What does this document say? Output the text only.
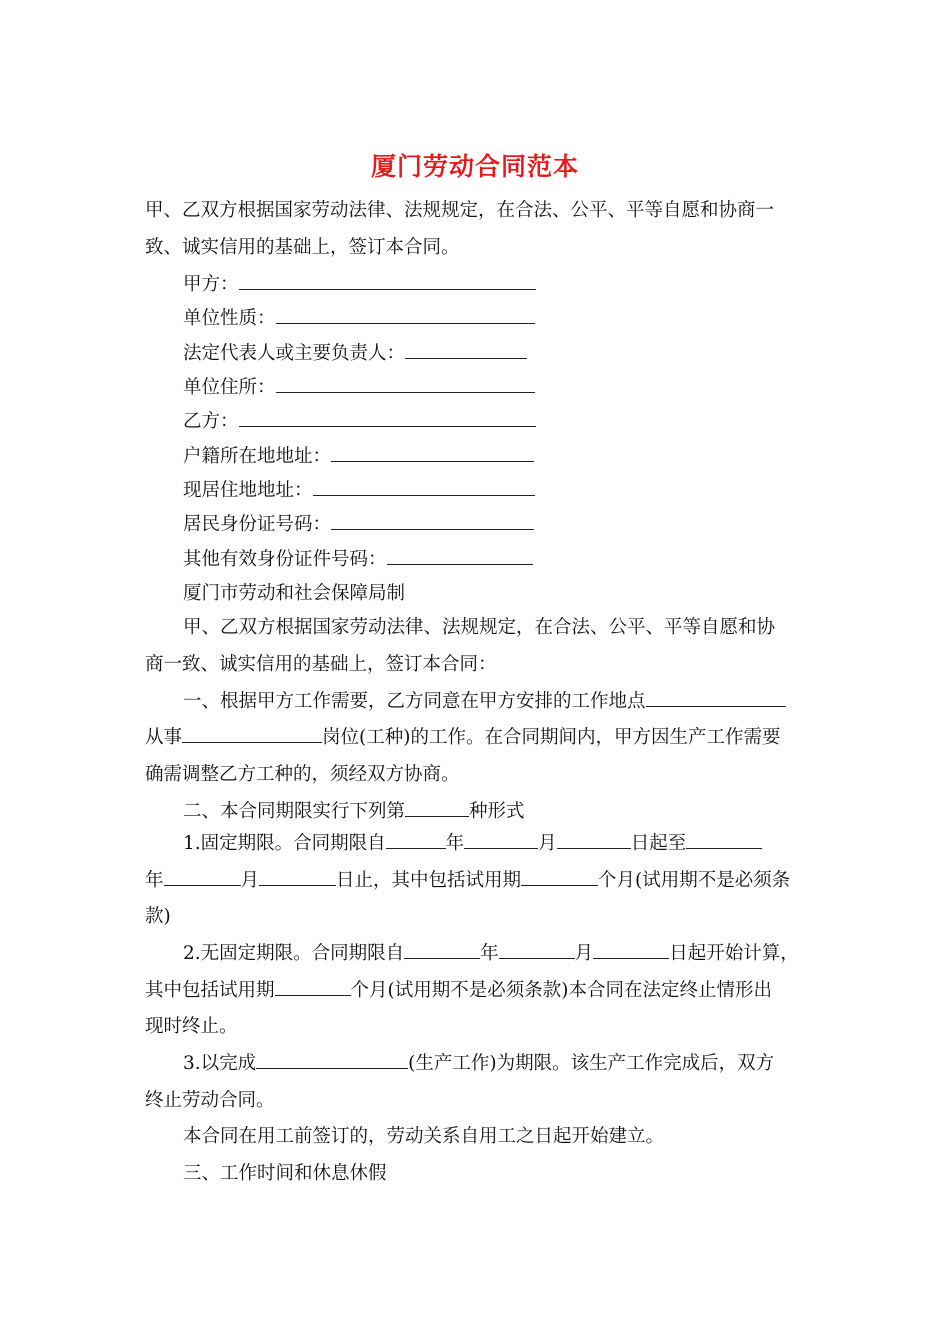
厦门劳动合同范本
甲、乙双方根据国家劳动法律、法规规定，在合法、公平、平等自愿和协商一
致、诚实信用的基础上，签订本合同。
甲方：
单位性质：
法定代表人或主要负责人：
单位住所：
乙方：
户籍所在地地址：
现居住地地址：
居民身份证号码：
其他有效身份证件号码：
厦门市劳动和社会保障局制
甲、乙双方根据国家劳动法律、法规规定，在合法、公平、平等自愿和协
商一致、诚实信用的基础上，签订本合同：
一、根据甲方工作需要，乙方同意在甲方安排的工作地点
从事	岗位(工种)的工作。在合同期间内，甲方因生产工作需要
确需调整乙方工种的，须经双方协商。
二、本合同期限实行下列第	种形式
1.固定期限。合同期限自	年	月	日起至
年	月	日止，其中包括试用期	个月(试用期不是必须条
款)
2.无固定期限。合同期限自	年	月	日起开始计算，
其中包括试用期	个月(试用期不是必须条款)本合同在法定终止情形出
现时终止。
3.以完成	(生产工作)为期限。该生产工作完成后，双方
终止劳动合同。
本合同在用工前签订的，劳动关系自用工之日起开始建立。
三、工作时间和休息休假
